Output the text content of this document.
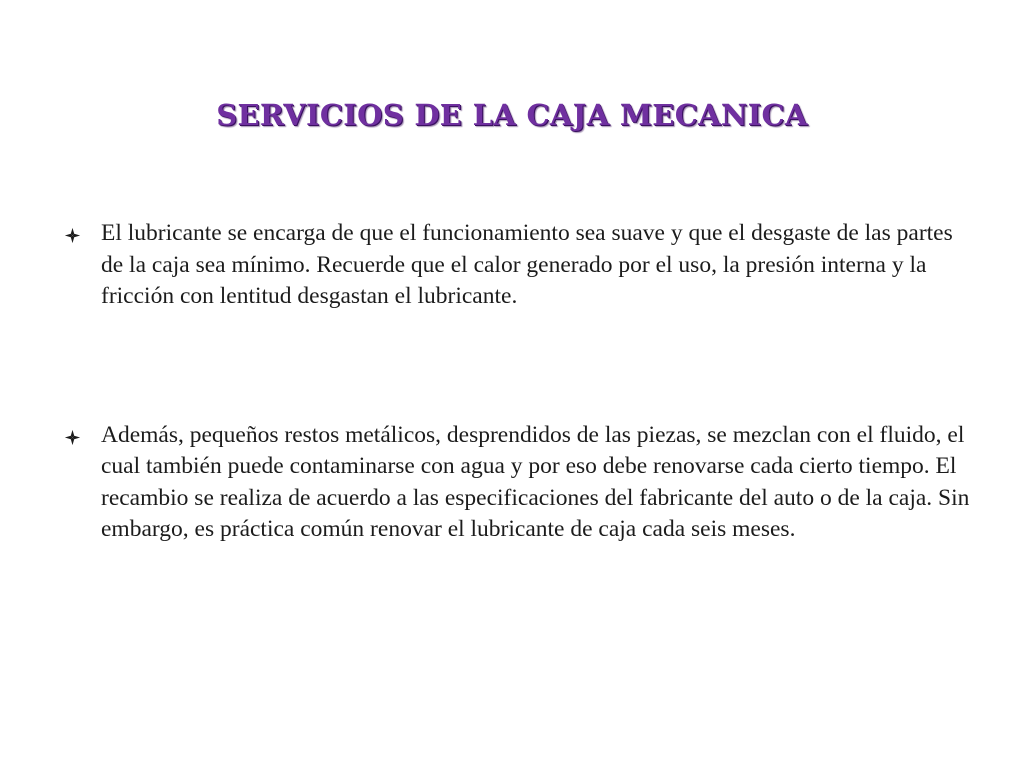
SERVICIOS DE LA CAJA MECANICA
El lubricante se encarga de que el funcionamiento sea suave y que el desgaste de las partes de la caja sea mínimo. Recuerde que el calor generado por el uso, la presión interna y la fricción con lentitud desgastan el lubricante.
Además, pequeños restos metálicos, desprendidos de las piezas, se mezclan con el fluido, el cual también puede contaminarse con agua y por eso debe renovarse cada cierto tiempo. El recambio se realiza de acuerdo a las especificaciones del fabricante del auto o de la caja. Sin embargo, es práctica común renovar el lubricante de caja cada seis meses.
